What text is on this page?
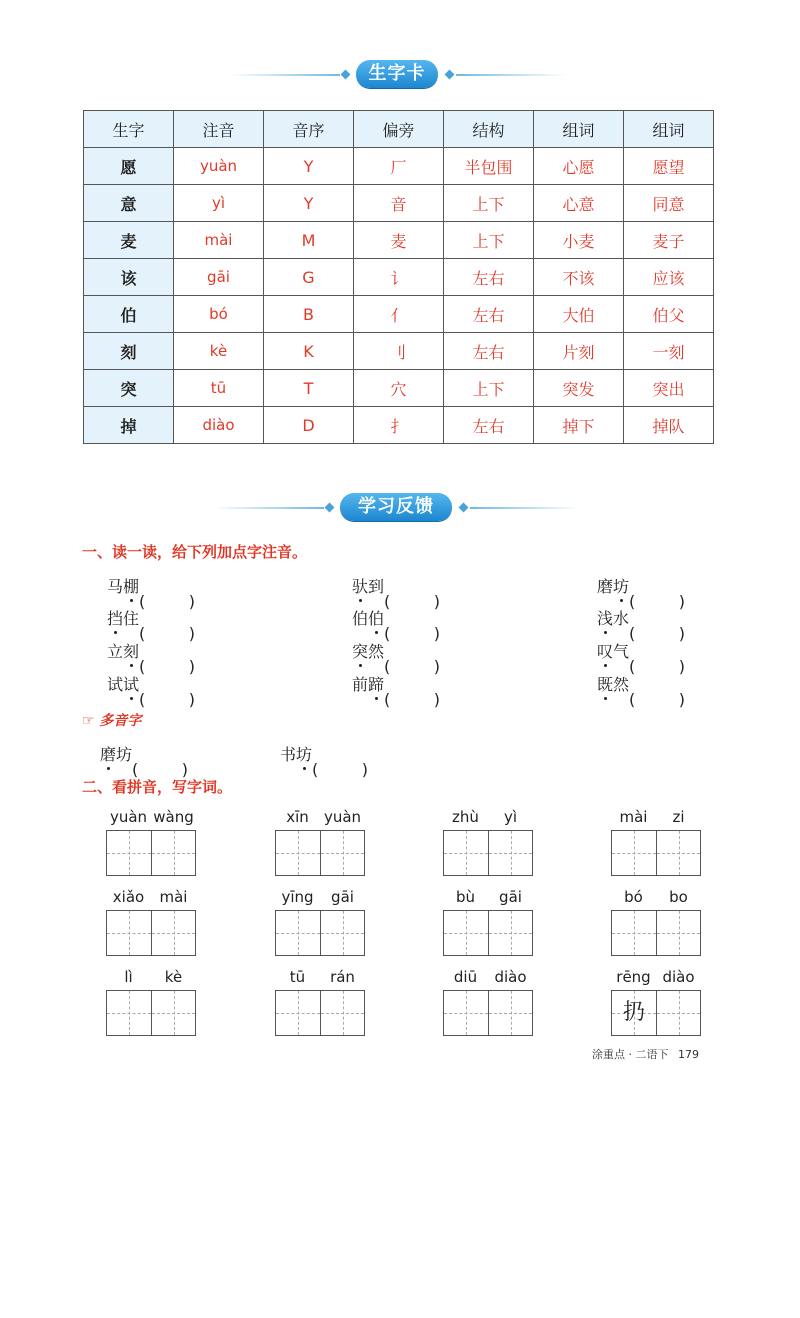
生字卡
生字	注音	音序	偏旁	结构	组词	组词
愿	yuàn	Y	厂	半包围	心愿	愿望
意	yì	Y	音	上下	心意	同意
麦	mài	M	麦	上下	小麦	麦子
该	gāi	G	讠	左右	不该	应该
伯	bó	B	亻	左右	大伯	伯父
刻	kè	K	刂	左右	片刻	一刻
突	tū	T	穴	上下	突发	突出
掉	diào	D	扌	左右	掉下	掉队
学习反馈
一、读一读，给下列加点字注音。
马棚
(	)
驮到
(	)
磨坊
(	)
挡住
(	)
伯伯
(	)
浅水
(	)
立刻
(	)
突然
(	)
叹气
(	)
试试
(	)
前蹄
(	)
既然
(	)
☞ 多音字
磨坊
(	)
书坊
(	)
二、看拼音，写字词。
yuàn wàng	xīn	yuàn	zhù	yì	mài	zi
xiǎo	mài	yīng	gāi	bù	gāi	bó	bo
lì	kè	tū	rán	diū	diào	rēng diào
扔
涂重点 · 二语下 179
